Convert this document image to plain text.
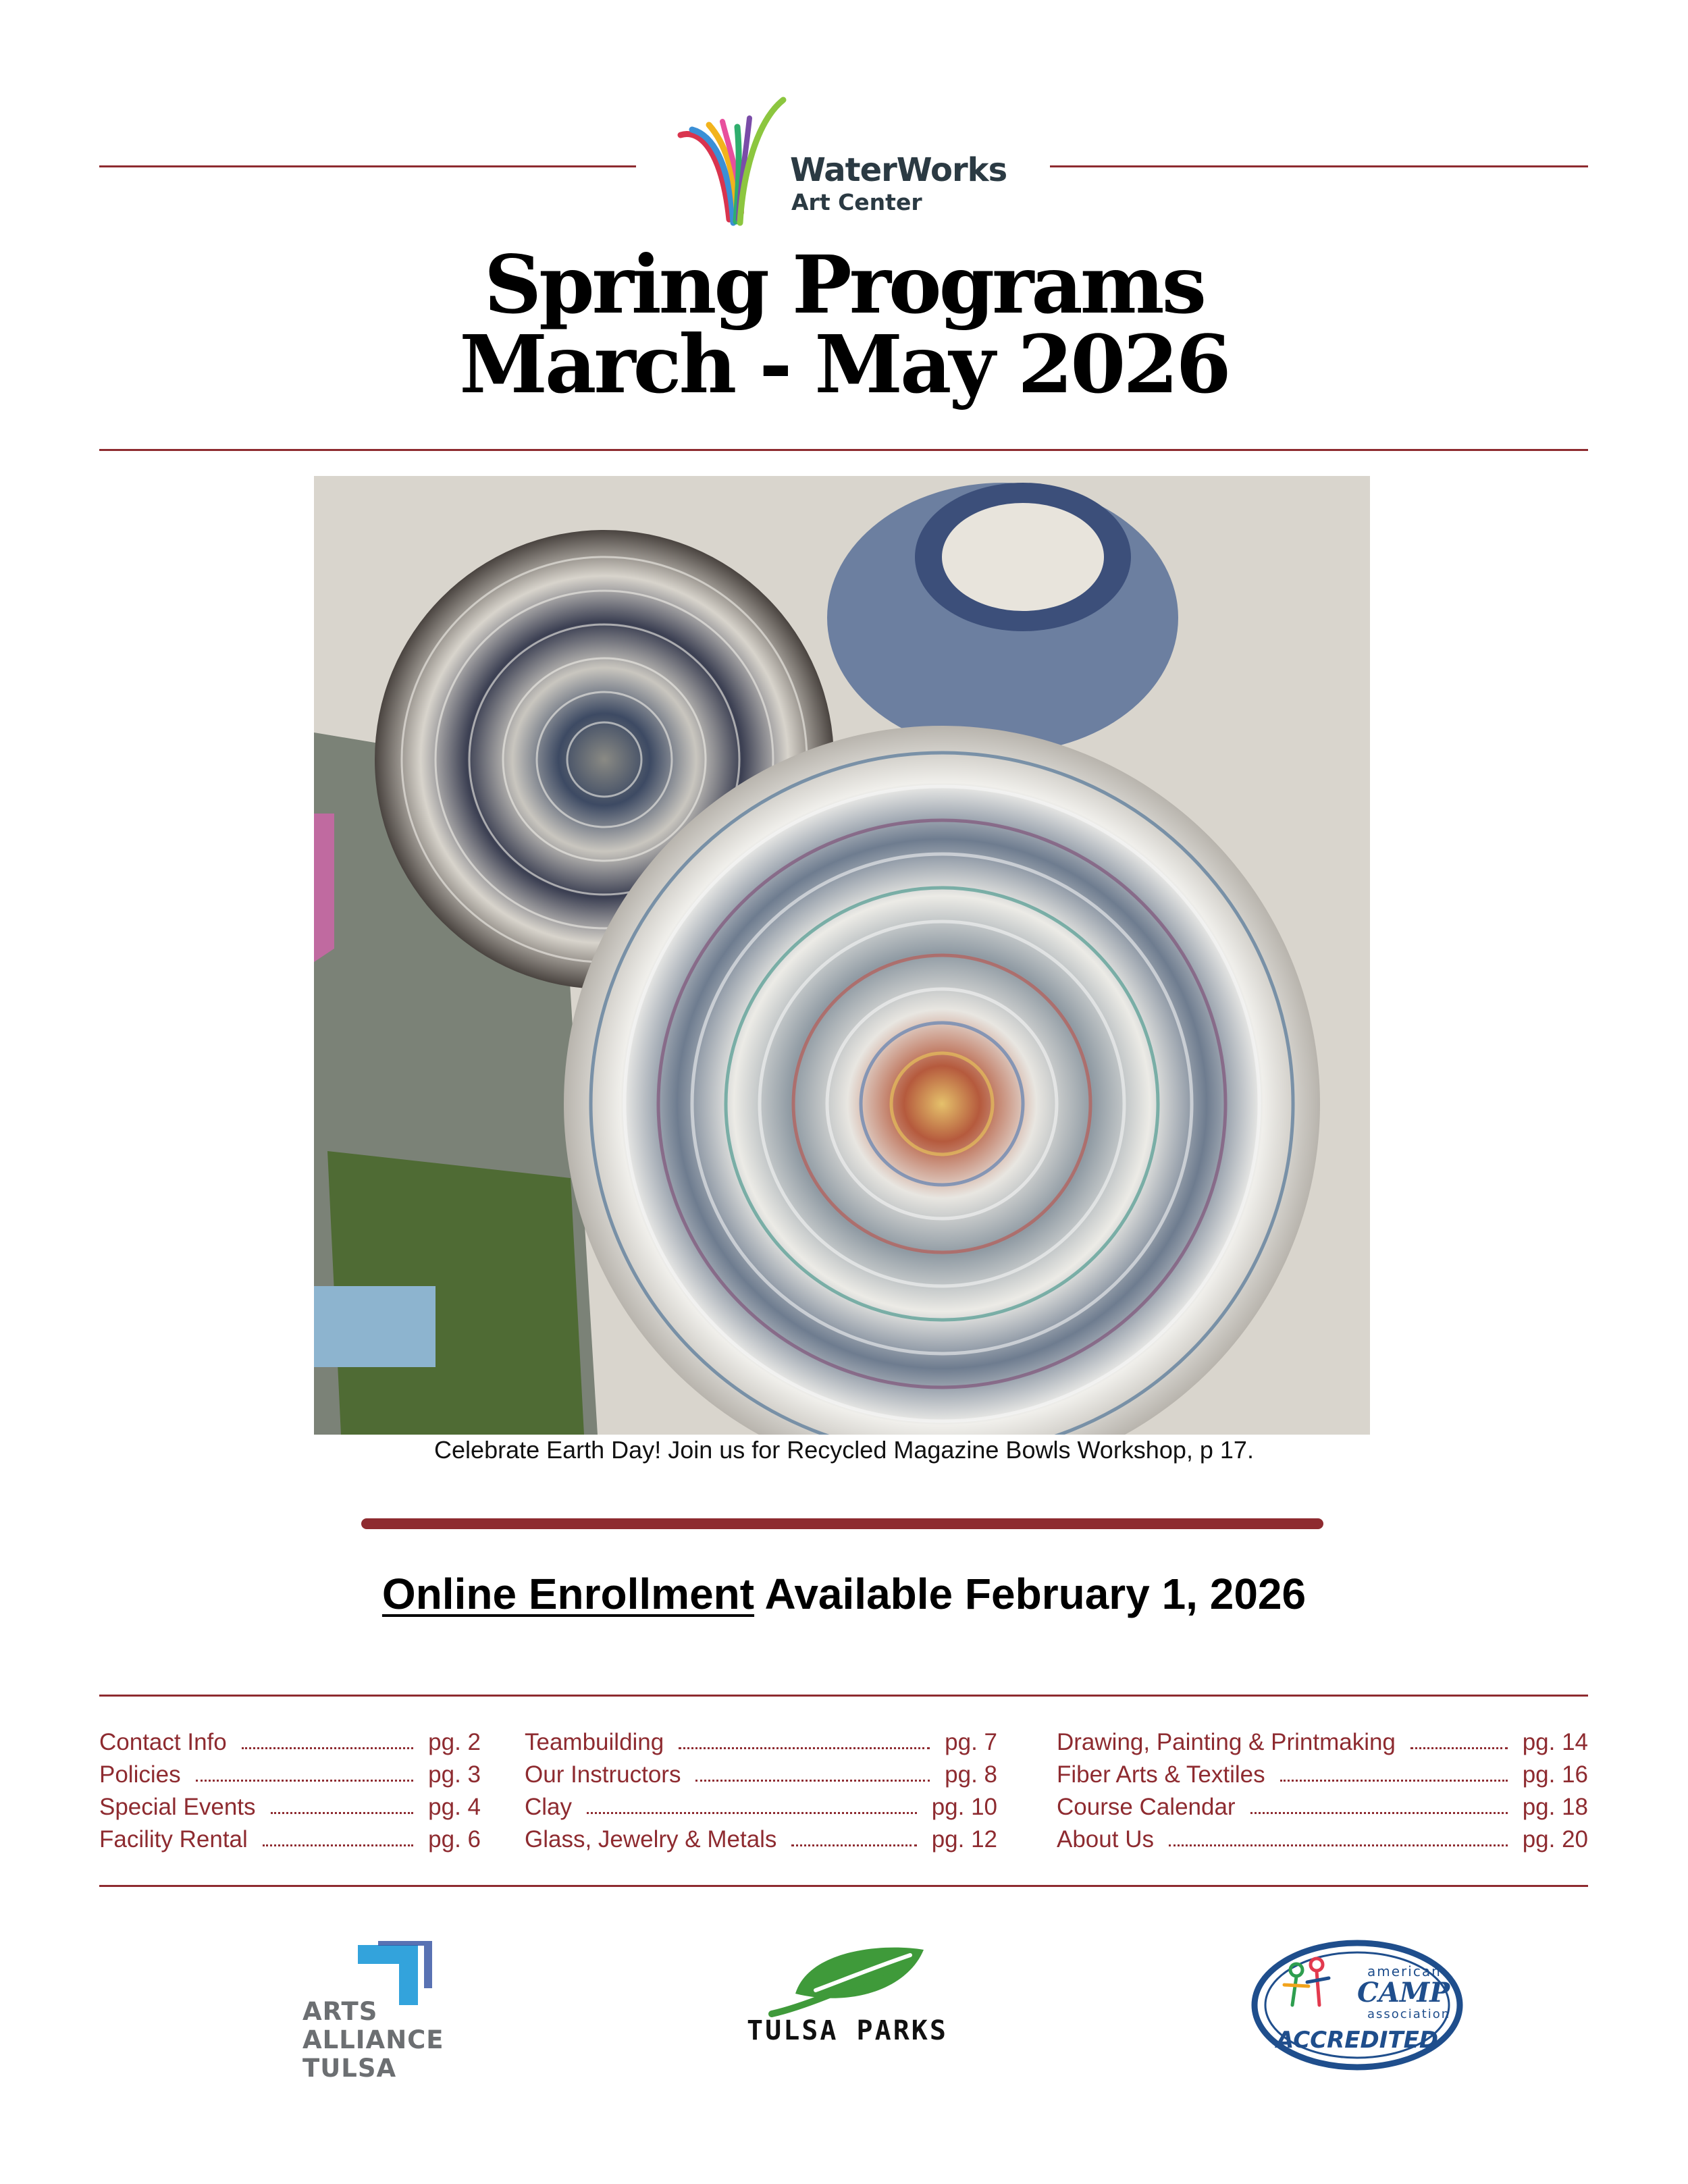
WaterWorks
Art Center
Spring Programs
March - May 2026
Celebrate Earth Day! Join us for Recycled Magazine Bowls Workshop, p 17.
Online Enrollment Available February 1, 2026
Contact Info	pg. 2
Policies	pg. 3
Special Events	pg. 4
Facility Rental	pg. 6
Teambuilding	pg. 7
Our Instructors	pg. 8
Clay	pg. 10
Glass, Jewelry & Metals	pg. 12
Drawing, Painting & Printmaking	pg. 14
Fiber Arts & Textiles	pg. 16
Course Calendar	pg. 18
About Us	pg. 20
ARTS
ALLIANCE
TULSA
TULSA PARKS
american
CAMP
association
ACCREDITED
